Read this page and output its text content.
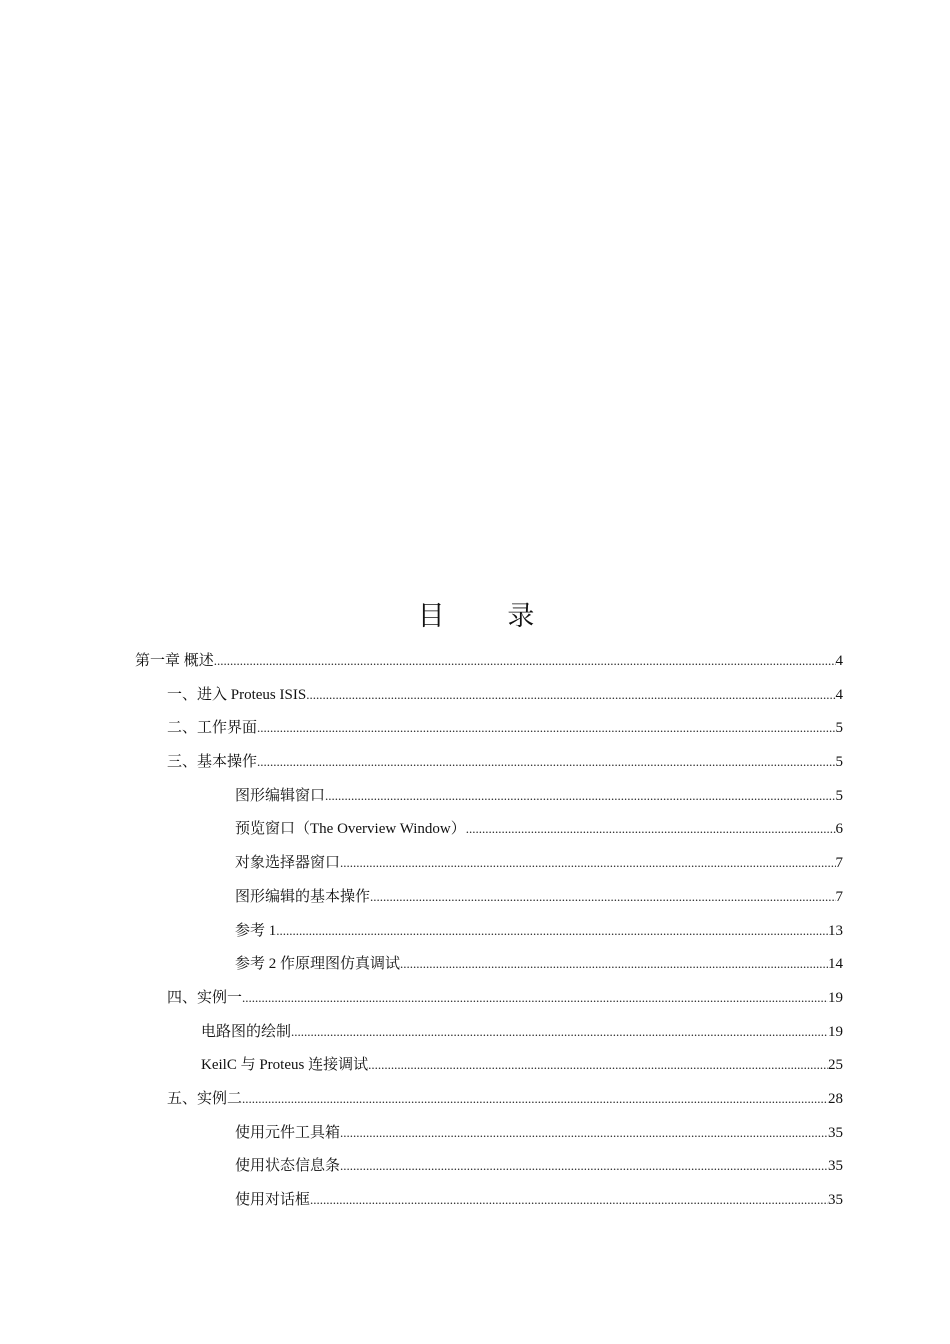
目 录
第一章 概述 .....	4
一、进入 Proteus ISIS .....	4
二、工作界面 .....	5
三、基本操作 .....	5
图形编辑窗口 .....	5
预览窗口（The Overview Window） .....	6
对象选择器窗口 .....	7
图形编辑的基本操作 .....	7
参考 1 .....	13
参考 2 作原理图仿真调试 .....	14
四、实例一 .....	19
电路图的绘制 .....	19
KeilC 与 Proteus 连接调试 .....	25
五、实例二 .....	28
使用元件工具箱 .....	35
使用状态信息条 .....	35
使用对话框 .....	35
